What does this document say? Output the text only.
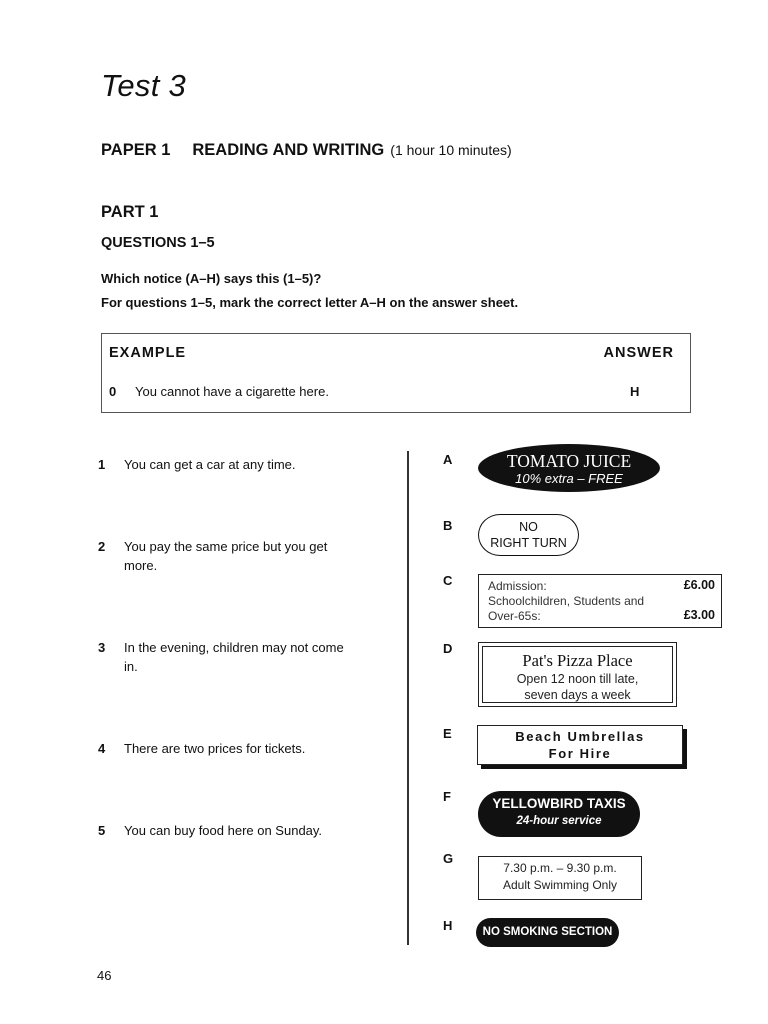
Test 3
PAPER 1 READING AND WRITING (1 hour 10 minutes)
PART 1
QUESTIONS 1–5
Which notice (A–H) says this (1–5)?
For questions 1–5, mark the correct letter A–H on the answer sheet.
EXAMPLE	ANSWER
0 You cannot have a cigarette here.	H
1 You can get a car at any time.
2 You pay the same price but you get more.
3 In the evening, children may not come in.
4 There are two prices for tickets.
5 You can buy food here on Sunday.
A
B
C
D
E
F
G
H
TOMATO JUICE
10% extra – FREE
NO
RIGHT TURN
Admission:	£6.00
Schoolchildren, Students and
Over-65s:	£3.00
Pat's Pizza Place
Open 12 noon till late,
seven days a week
Beach Umbrellas
For Hire
YELLOWBIRD TAXIS
24-hour service
7.30 p.m. – 9.30 p.m.
Adult Swimming Only
NO SMOKING SECTION
46
